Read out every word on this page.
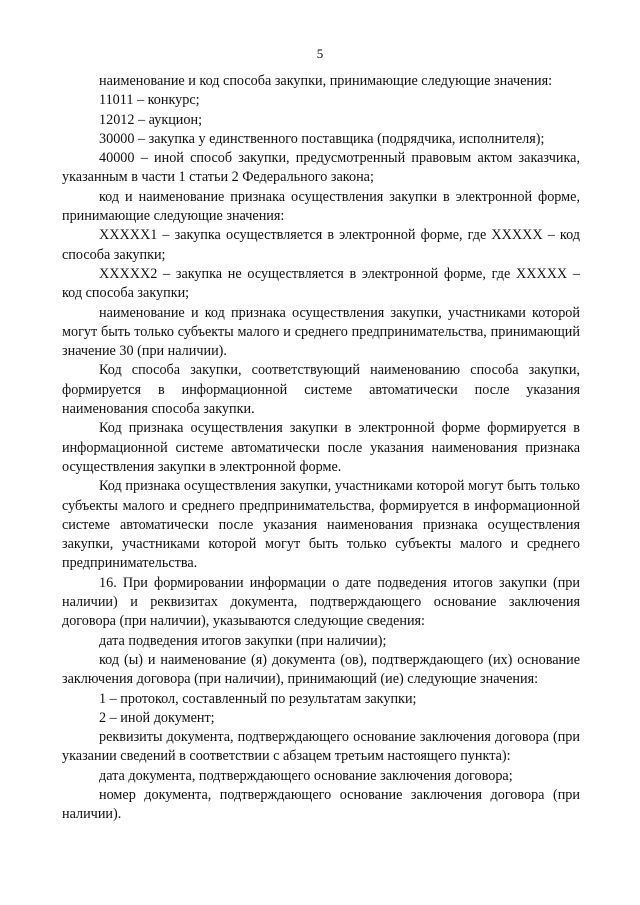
5

наименование и код способа закупки, принимающие следующие значения:

11011 – конкурс;

12012 – аукцион;

30000 – закупка у единственного поставщика (подрядчика, исполнителя);

40000 – иной способ закупки, предусмотренный правовым актом заказчика, указанным в части 1 статьи 2 Федерального закона;

код и наименование признака осуществления закупки в электронной форме, принимающие следующие значения:

XXXXX1 – закупка осуществляется в электронной форме, где XXXXX – код способа закупки;

XXXXX2 – закупка не осуществляется в электронной форме, где XXXXX – код способа закупки;

наименование и код признака осуществления закупки, участниками которой могут быть только субъекты малого и среднего предпринимательства, принимающий значение 30 (при наличии).

Код способа закупки, соответствующий наименованию способа закупки, формируется в информационной системе автоматически после указания наименования способа закупки.

Код признака осуществления закупки в электронной форме формируется в информационной системе автоматически после указания наименования признака осуществления закупки в электронной форме.

Код признака осуществления закупки, участниками которой могут быть только субъекты малого и среднего предпринимательства, формируется в информационной системе автоматически после указания наименования признака осуществления закупки, участниками которой могут быть только субъекты малого и среднего предпринимательства.

16. При формировании информации о дате подведения итогов закупки (при наличии) и реквизитах документа, подтверждающего основание заключения договора (при наличии), указываются следующие сведения:

дата подведения итогов закупки (при наличии);

код (ы) и наименование (я) документа (ов), подтверждающего (их) основание заключения договора (при наличии), принимающий (ие) следующие значения:

1 – протокол, составленный по результатам закупки;

2 – иной документ;

реквизиты документа, подтверждающего основание заключения договора (при указании сведений в соответствии с абзацем третьим настоящего пункта):

дата документа, подтверждающего основание заключения договора;

номер документа, подтверждающего основание заключения договора (при наличии).
